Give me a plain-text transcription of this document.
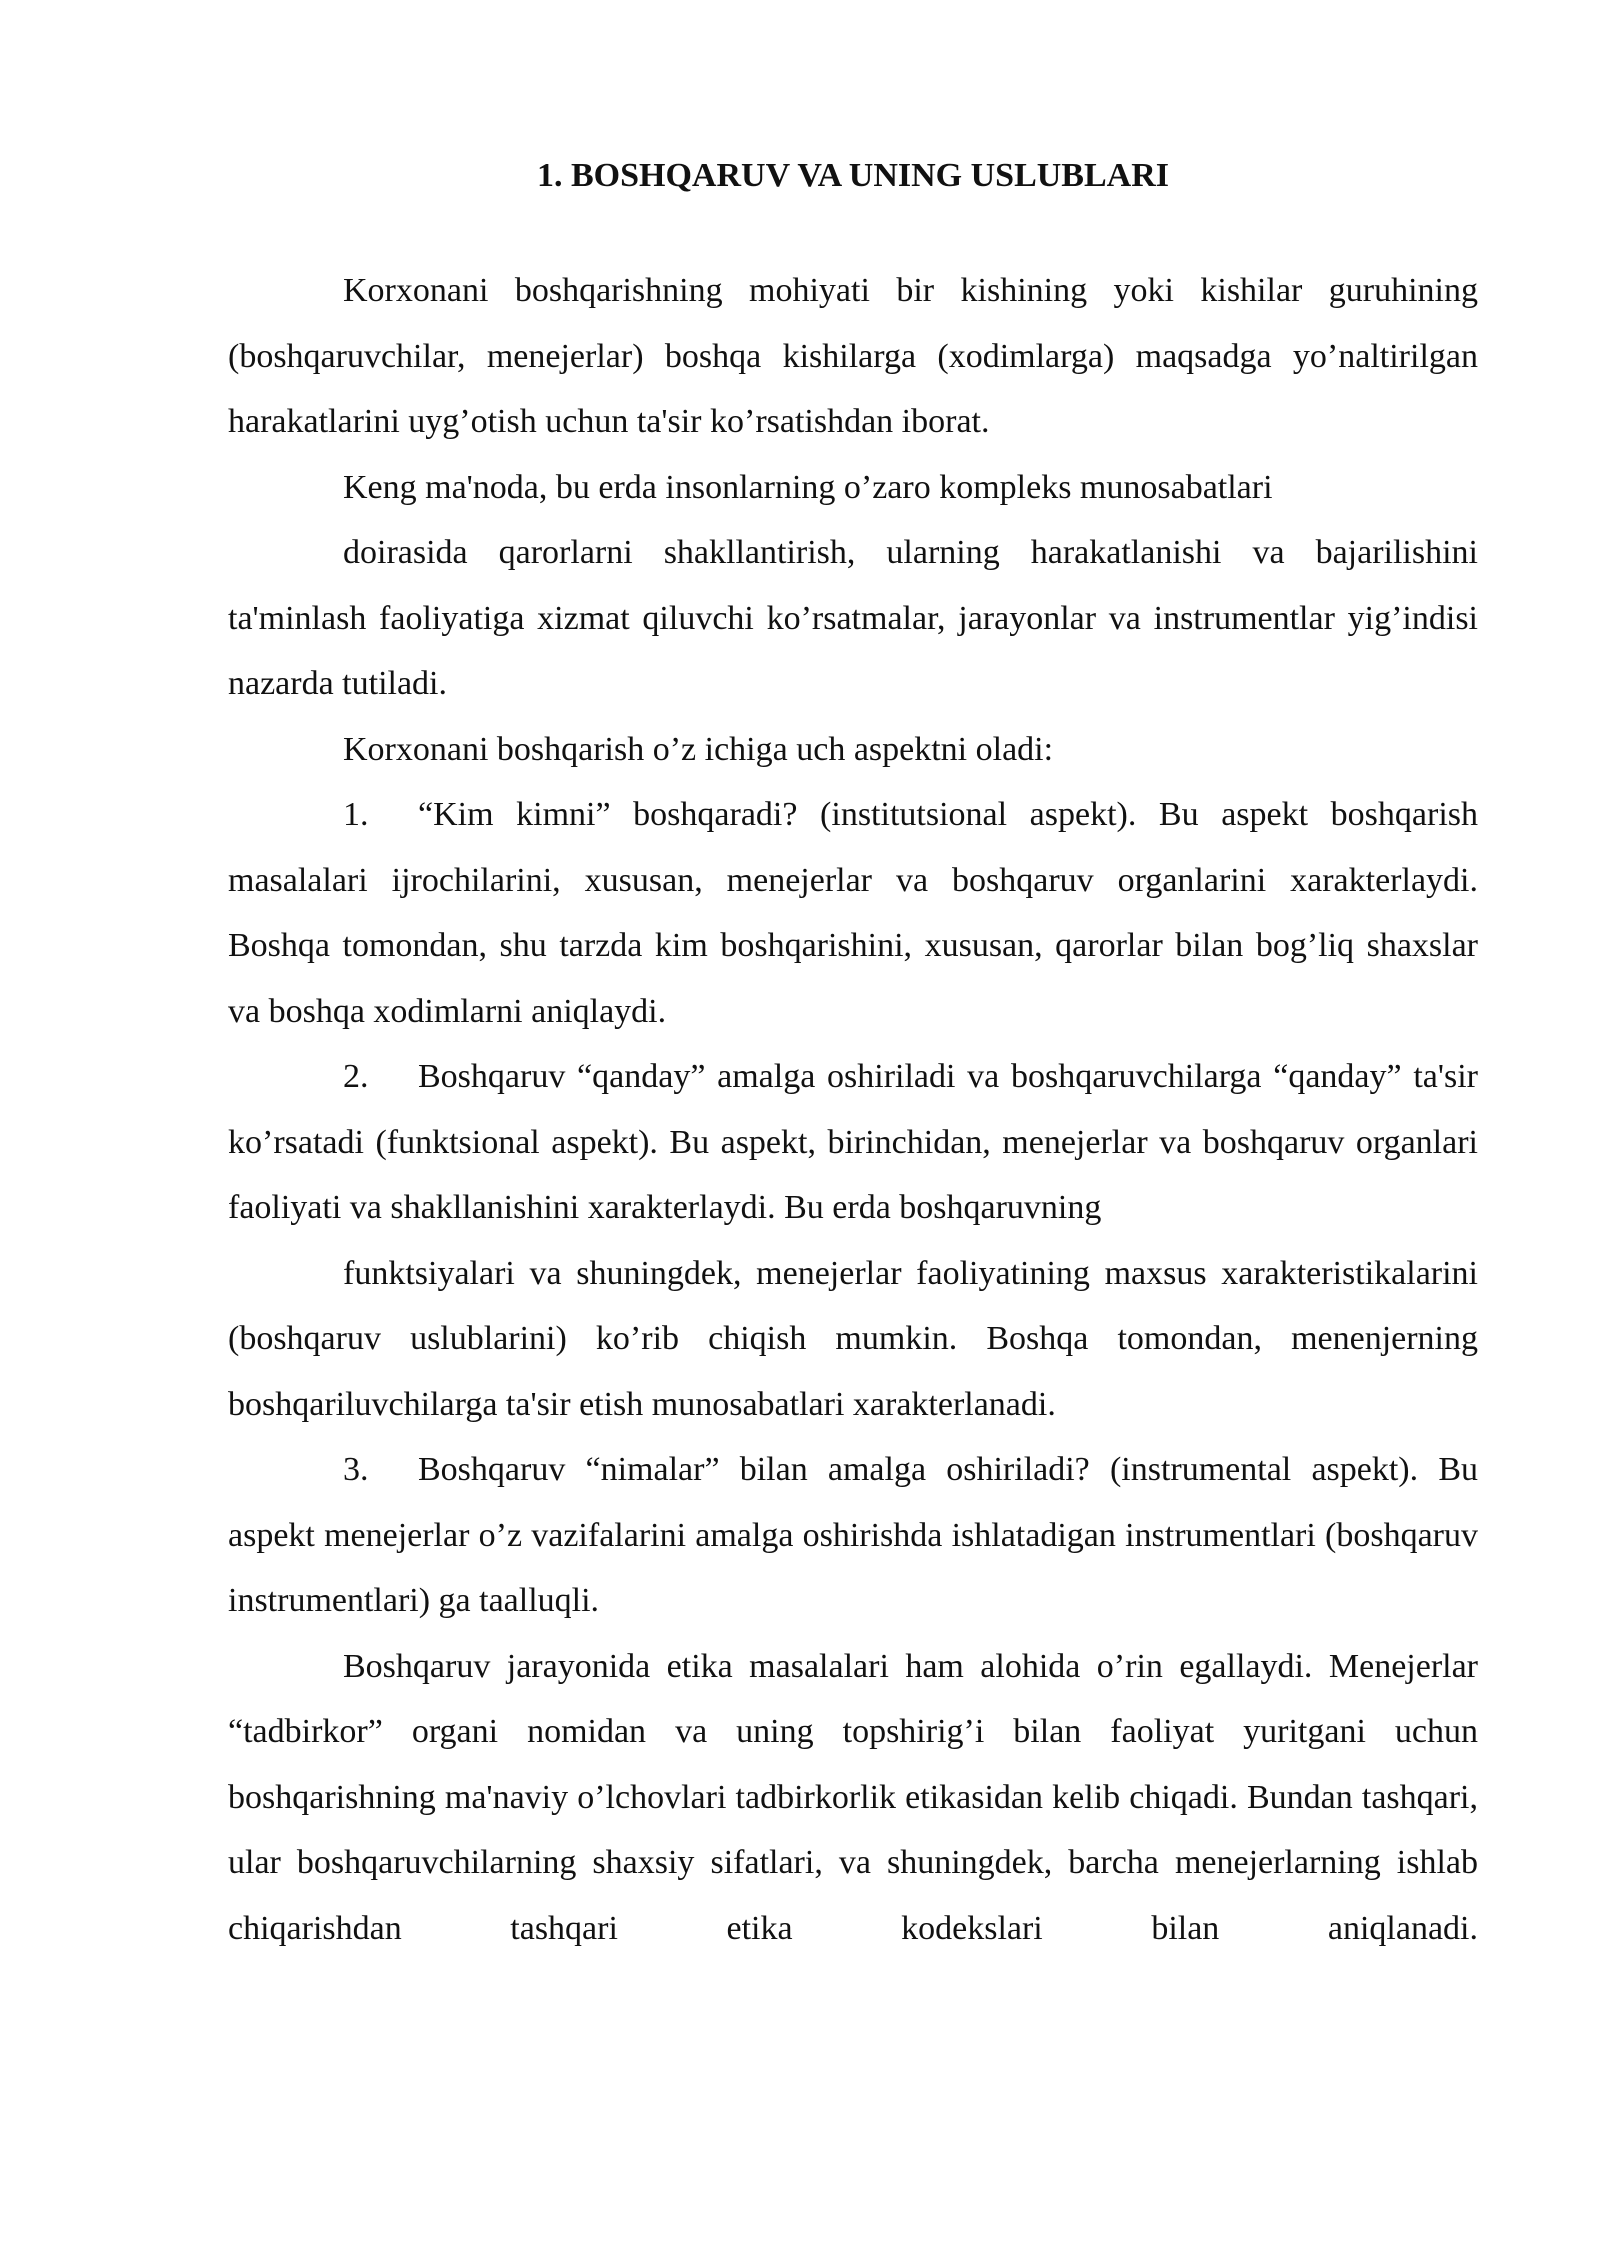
1. BOSHQARUV VA UNING USLUBLARI

Korxonani boshqarishning mohiyati bir kishining yoki kishilar guruhining (boshqaruvchilar, menejerlar) boshqa kishilarga (xodimlarga) maqsadga yo’naltirilgan harakatlarini uyg’otish uchun ta'sir ko’rsatishdan iborat.

Keng ma'noda, bu erda insonlarning o’zaro kompleks munosabatlari

doirasida qarorlarni shakllantirish, ularning harakatlanishi va bajarilishini ta'minlash faoliyatiga xizmat qiluvchi ko’rsatmalar, jarayonlar va instrumentlar yig’indisi nazarda tutiladi.

Korxonani boshqarish o’z ichiga uch aspektni oladi:

1. “Kim kimni” boshqaradi? (institutsional aspekt). Bu aspekt boshqarish masalalari ijrochilarini, xususan, menejerlar va boshqaruv organlarini xarakterlaydi. Boshqa tomondan, shu tarzda kim boshqarishini, xususan, qarorlar bilan bog’liq shaxslar va boshqa xodimlarni aniqlaydi.

2. Boshqaruv “qanday” amalga oshiriladi va boshqaruvchilarga “qanday” ta'sir ko’rsatadi (funktsional aspekt). Bu aspekt, birinchidan, menejerlar va boshqaruv organlari faoliyati va shakllanishini xarakterlaydi. Bu erda boshqaruvning

funktsiyalari va shuningdek, menejerlar faoliyatining maxsus xarakteristikalarini (boshqaruv uslublarini) ko’rib chiqish mumkin. Boshqa tomondan, menenjerning boshqariluvchilarga ta'sir etish munosabatlari xarakterlanadi.

3. Boshqaruv “nimalar” bilan amalga oshiriladi? (instrumental aspekt). Bu aspekt menejerlar o’z vazifalarini amalga oshirishda ishlatadigan instrumentlari (boshqaruv instrumentlari) ga taalluqli.

Boshqaruv jarayonida etika masalalari ham alohida o’rin egallaydi. Menejerlar “tadbirkor” organi nomidan va uning topshirig’i bilan faoliyat yuritgani uchun boshqarishning ma'naviy o’lchovlari tadbirkorlik etikasidan kelib chiqadi. Bundan tashqari, ular boshqaruvchilarning shaxsiy sifatlari, va shuningdek, barcha menejerlarning ishlab chiqarishdan tashqari etika kodekslari bilan aniqlanadi.
